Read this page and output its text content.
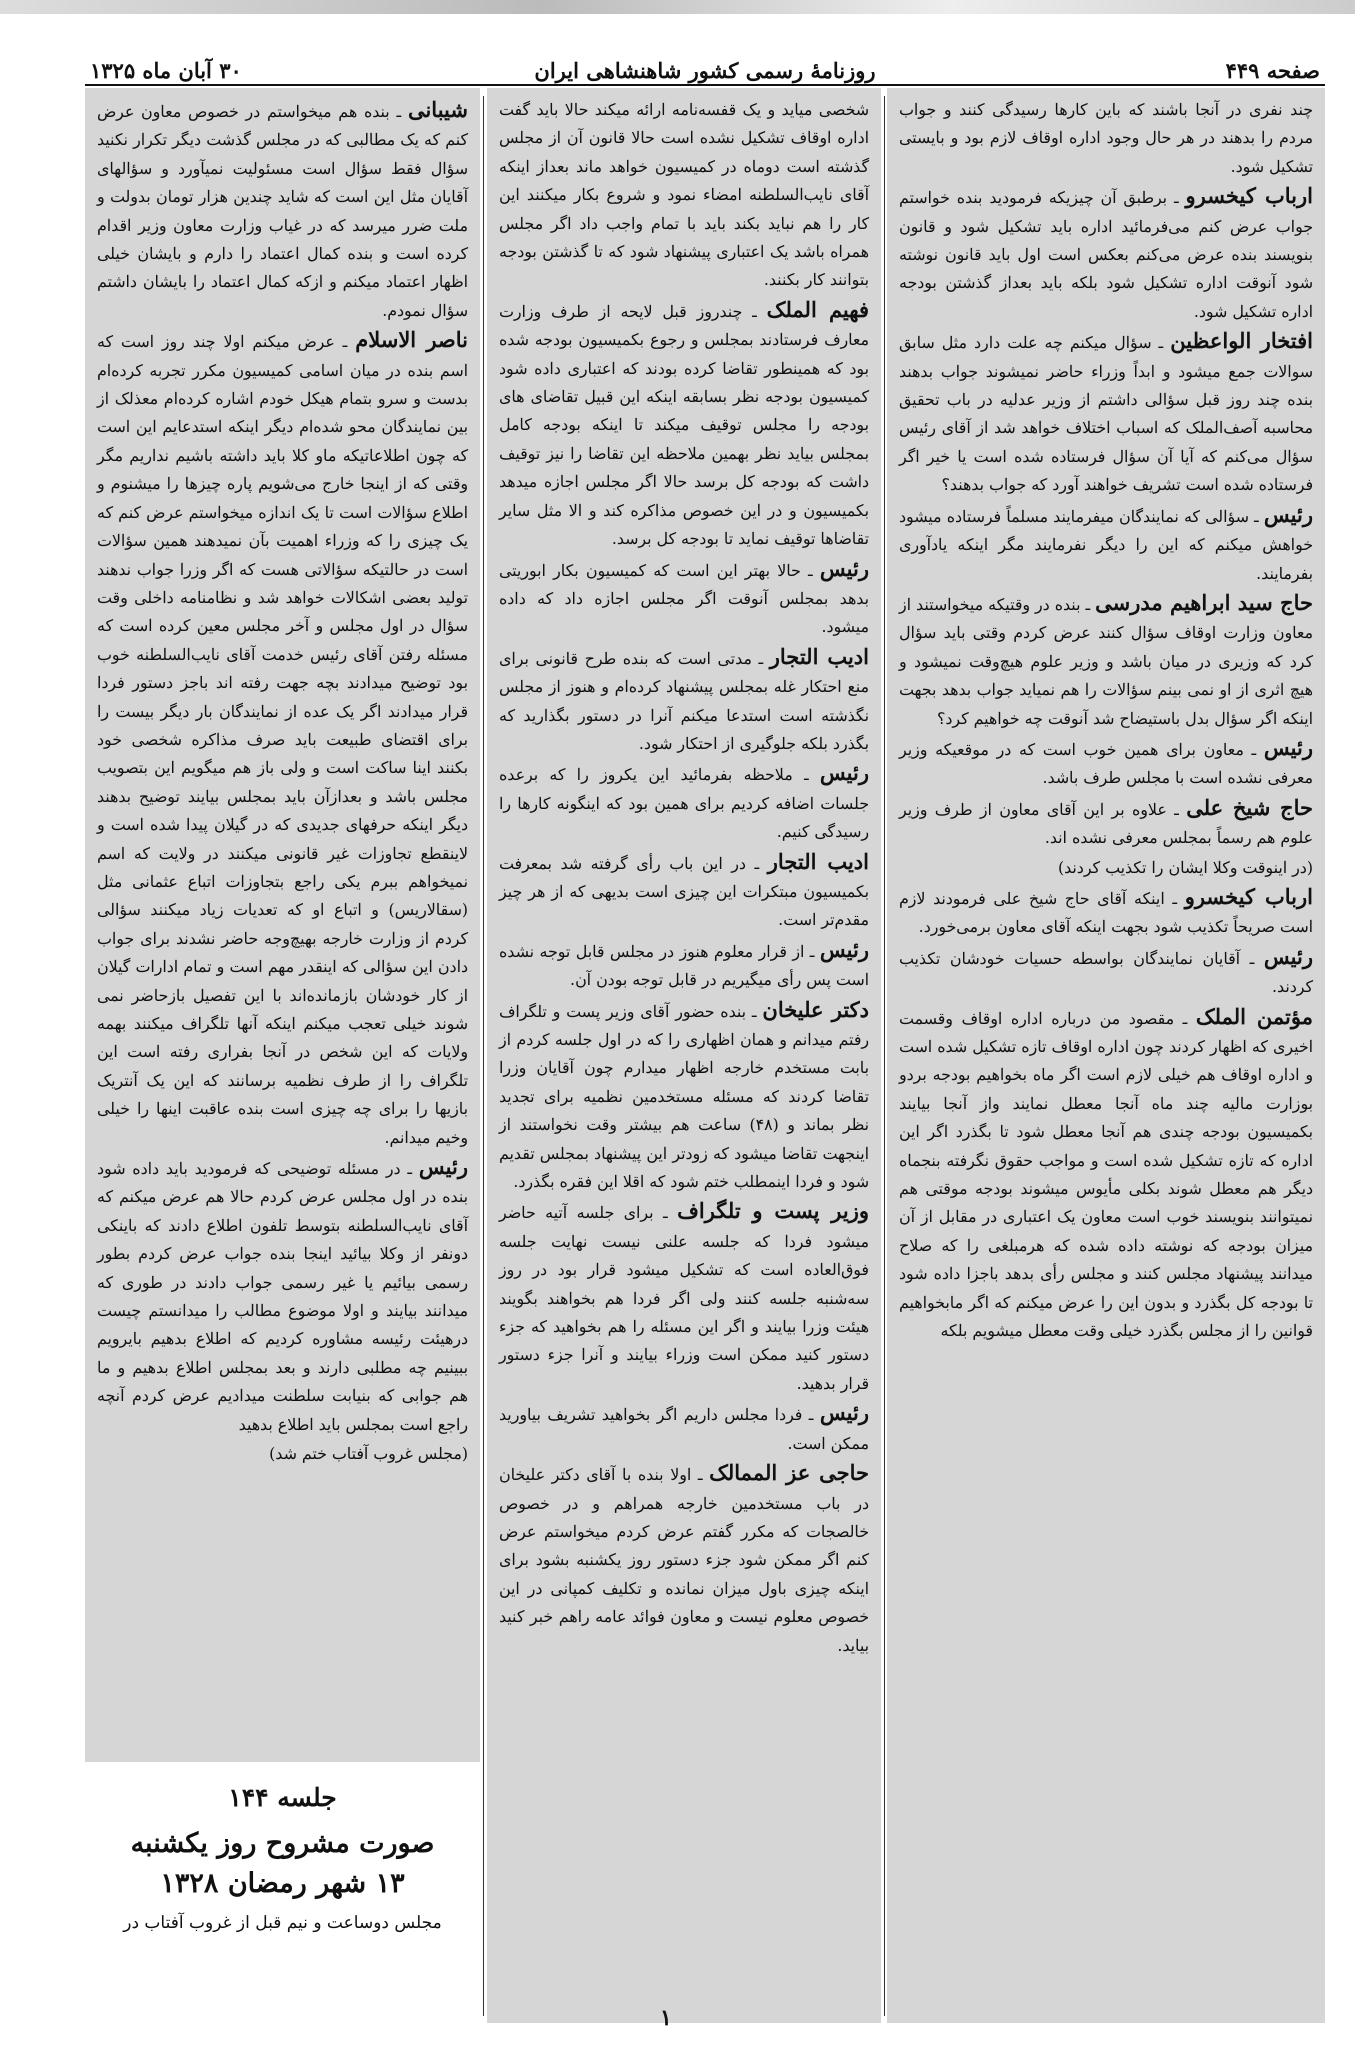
صفحه ۴۴۹
روزنامهٔ رسمی کشور شاهنشاهی ایران
۳۰ آبان ماه ۱۳۲۵

چند نفری در آنجا باشند که باین کارها رسیدگی کنند و جواب مردم را بدهند در هر حال وجود اداره اوقاف لازم بود و بایستی تشکیل شود.

ارباب کیخسرو ـ برطبق آن چیزیکه فرمودید بنده خواستم جواب عرض کنم می‌فرمائید اداره باید تشکیل شود و قانون بنویسند بنده عرض می‌کنم بعکس است اول باید قانون نوشته شود آنوقت اداره تشکیل شود بلکه باید بعداز گذشتن بودجه اداره تشکیل شود.

افتخار الواعظین ـ سؤال میکنم چه علت دارد مثل سابق سوالات جمع میشود و ابداً وزراء حاضر نمیشوند جواب بدهند بنده چند روز قبل سؤالی داشتم از وزیر عدلیه در باب تحقیق محاسبه آصف‌الملک که اسباب اختلاف خواهد شد از آقای رئیس سؤال می‌کنم که آیا آن سؤال فرستاده شده است یا خیر اگر فرستاده شده است تشریف خواهند آورد که جواب بدهند؟

رئیس ـ سؤالی که نمایندگان میفرمایند مسلماً فرستاده میشود خواهش میکنم که این را دیگر نفرمایند مگر اینکه یادآوری بفرمایند.

حاج سید ابراهیم مدرسی ـ بنده در وقتیکه میخواستند از معاون وزارت اوقاف سؤال کنند عرض کردم وقتی باید سؤال کرد که وزیری در میان باشد و وزیر علوم هیچ‌وقت نمیشود و هیچ اثری از او نمی بینم سؤالات را هم نمیاید جواب بدهد بجهت اینکه اگر سؤال بدل باستیضاح شد آنوقت چه خواهیم کرد؟

رئیس ـ معاون برای همین خوب است که در موقعیکه وزیر معرفی نشده است با مجلس طرف باشد.

حاج شیخ علی ـ علاوه بر این آقای معاون از طرف وزیر علوم هم رسماً بمجلس معرفی نشده اند.

(در اینوقت وکلا ایشان را تکذیب کردند)

ارباب کیخسرو ـ اینکه آقای حاج شیخ علی فرمودند لازم است صریحاً تکذیب شود بجهت اینکه آقای معاون برمی‌خورد.

رئیس ـ آقایان نمایندگان بواسطه حسیات خودشان تکذیب کردند.

مؤتمن الملک ـ مقصود من درباره اداره اوقاف وقسمت اخیری که اظهار کردند چون اداره اوقاف تازه تشکیل شده است و اداره اوقاف هم خیلی لازم است اگر ماه بخواهیم بودجه بردو بوزارت مالیه چند ماه آنجا معطل نمایند واز آنجا بیایند بکمیسیون بودجه چندی هم آنجا معطل شود تا بگذرد اگر این اداره که تازه تشکیل شده است و مواجب حقوق نگرفته بنجماه دیگر هم معطل شوند بکلی مأیوس میشوند بودجه موقتی هم نمیتوانند بنویسند خوب است معاون یک اعتباری در مقابل از آن میزان بودجه که نوشته داده شده که هرمبلغی را که صلاح میدانند پیشنهاد مجلس کنند و مجلس رأی بدهد باجزا داده شود تا بودجه کل بگذرد و بدون این را عرض میکنم که اگر مابخواهیم قوانین را از مجلس بگذرد خیلی وقت معطل میشویم بلکه

شخصی میاید و یک قفسه‌نامه ارائه میکند حالا باید گفت اداره اوقاف تشکیل نشده است حالا قانون آن از مجلس گذشته است دوماه در کمیسیون خواهد ماند بعداز اینکه آقای نایب‌السلطنه امضاء نمود و شروع بکار میکنند این کار را هم نباید بکند باید با تمام واجب داد اگر مجلس همراه باشد یک اعتباری پیشنهاد شود که تا گذشتن بودجه بتوانند کار بکنند.

فهیم الملک ـ چندروز قبل لایحه از طرف وزارت معارف فرستادند بمجلس و رجوع بکمیسیون بودجه شده بود که همینطور تقاضا کرده بودند که اعتباری داده شود کمیسیون بودجه نظر بسابقه اینکه این قبیل تقاضای های بودجه را مجلس توقیف میکند تا اینکه بودجه کامل بمجلس بیاید نظر بهمین ملاحظه این تقاضا را نیز توقیف داشت که بودجه کل برسد حالا اگر مجلس اجازه میدهد بکمیسیون و در این خصوص مذاکره کند و الا مثل سایر تقاضاها توقیف نماید تا بودجه کل برسد.

رئیس ـ حالا بهتر این است که کمیسیون بکار ابوریتی بدهد بمجلس آنوقت اگر مجلس اجازه داد که داده میشود.

ادیب التجار ـ مدتی است که بنده طرح قانونی برای منع احتکار غله بمجلس پیشنهاد کرده‌ام و هنوز از مجلس نگذشته است استدعا میکنم آنرا در دستور بگذارید که بگذرد بلکه جلوگیری از احتکار شود.

رئیس ـ ملاحظه بفرمائید این یکروز را که برعده جلسات اضافه کردیم برای همین بود که اینگونه کارها را رسیدگی کنیم.

ادیب التجار ـ در این باب رأی گرفته شد بمعرفت بکمیسیون مبتکرات این چیزی است بدیهی که از هر چیز مقدم‌تر است.

رئیس ـ از قرار معلوم هنوز در مجلس قابل توجه نشده است پس رأی میگیریم در قابل توجه بودن آن.

دکتر علیخان ـ بنده حضور آقای وزیر پست و تلگراف رفتم میدانم و همان اظهاری را که در اول جلسه کردم از بابت مستخدم خارجه اظهار میدارم چون آقایان وزرا تقاضا کردند که مسئله مستخدمین نظمیه برای تجدید نظر بماند و (۴۸) ساعت هم بیشتر وقت نخواستند از اینجهت تقاضا میشود که زودتر این پیشنهاد بمجلس تقدیم شود و فردا اینمطلب ختم شود که اقلا این فقره بگذرد.

وزیر پست و تلگراف ـ برای جلسه آتیه حاضر میشود فردا که جلسه علنی نیست نهایت جلسه فوق‌العاده است که تشکیل میشود قرار بود در روز سه‌شنبه جلسه کنند ولی اگر فردا هم بخواهند بگویند هیئت وزرا بیایند و اگر این مسئله را هم بخواهید که جزء دستور کنید ممکن است وزراء بیایند و آنرا جزء دستور قرار بدهید.

رئیس ـ فردا مجلس داریم اگر بخواهید تشریف بیاورید ممکن است.

حاجی عز الممالک ـ اولا بنده با آقای دکتر علیخان در باب مستخدمین خارجه همراهم و در خصوص خالصجات که مکرر گفتم عرض کردم میخواستم عرض کنم اگر ممکن شود جزء دستور روز یکشنبه بشود برای اینکه چیزی باول میزان نمانده و تکلیف کمپانی در این خصوص معلوم نیست و معاون فوائد عامه راهم خبر کنید بیاید.

شیبانی ـ بنده هم میخواستم در خصوص معاون عرض کنم که یک مطالبی که در مجلس گذشت دیگر تکرار نکنید سؤال فقط سؤال است مسئولیت نمیآورد و سؤالهای آقایان مثل این است که شاید چندین هزار تومان بدولت و ملت ضرر میرسد که در غیاب وزارت معاون وزیر اقدام کرده است و بنده کمال اعتماد را دارم و بایشان خیلی اظهار اعتماد میکنم و ازکه کمال اعتماد را بایشان داشتم سؤال نمودم.

ناصر الاسلام ـ عرض میکنم اولا چند روز است که اسم بنده در میان اسامی کمیسیون مکرر تجربه کرده‌ام بدست و سرو بتمام هیکل خودم اشاره کرده‌ام معذلک از بین نمایندگان محو شده‌ام دیگر اینکه استدعایم این است که چون اطلاعاتیکه ماو کلا باید داشته باشیم نداریم مگر وقتی که از اینجا خارج می‌شویم پاره چیزها را میشنوم و اطلاع سؤالات است تا یک اندازه میخواستم عرض کنم که یک چیزی را که وزراء اهمیت بآن نمیدهند همین سؤالات است در حالتیکه سؤالاتی هست که اگر وزرا جواب ندهند تولید بعضی اشکالات خواهد شد و نظامنامه داخلی وقت سؤال در اول مجلس و آخر مجلس معین کرده است که مسئله رفتن آقای رئیس خدمت آقای نایب‌السلطنه خوب بود توضیح میدادند بچه جهت رفته اند باجز دستور فردا قرار میدادند اگر یک عده از نمایندگان بار دیگر بیست را برای اقتضای طبیعت باید صرف مذاکره شخصی خود بکنند اینا ساکت است و ولی باز هم میگویم این بتصویب مجلس باشد و بعدازآن باید بمجلس بیایند توضیح بدهند دیگر اینکه حرفهای جدیدی که در گیلان پیدا شده است و لاینقطع تجاوزات غیر قانونی میکنند در ولایت که اسم نمیخواهم ببرم یکی راجع بتجاوزات اتباع عثمانی مثل (سقالاریس) و اتباع او که تعدیات زیاد میکنند سؤالی کردم از وزارت خارجه بهیچ‌وجه حاضر نشدند برای جواب دادن این سؤالی که اینقدر مهم است و تمام ادارات گیلان از کار خودشان بازمانده‌اند با این تفصیل بازحاضر نمی شوند خیلی تعجب میکنم اینکه آنها تلگراف میکنند بهمه ولایات که این شخص در آنجا بفراری رفته است این تلگراف را از طرف نظمیه برسانند که این یک آنتریک بازیها را برای چه چیزی است بنده عاقبت اینها را خیلی وخیم میدانم.

رئیس ـ در مسئله توضیحی که فرمودید باید داده شود بنده در اول مجلس عرض کردم حالا هم عرض میکنم که آقای نایب‌السلطنه بتوسط تلفون اطلاع دادند که باینکی دونفر از وکلا بیائید اینجا بنده جواب عرض کردم بطور رسمی بیائیم یا غیر رسمی جواب دادند در طوری که میدانند بیایند و اولا موضوع مطالب را میدانستم چیست درهیئت رئیسه مشاوره کردیم که اطلاع بدهیم بایرویم ببینیم چه مطلبی دارند و بعد بمجلس اطلاع بدهیم و ما هم جوابی که بنیابت سلطنت میدادیم عرض کردم آنچه راجع است بمجلس باید اطلاع بدهید

(مجلس غروب آفتاب ختم شد)

جلسه ۱۴۴
صورت مشروح روز یکشنبه
۱۳ شهر رمضان ۱۳۲۸
مجلس دوساعت و نیم قبل از غروب آفتاب در
۱
